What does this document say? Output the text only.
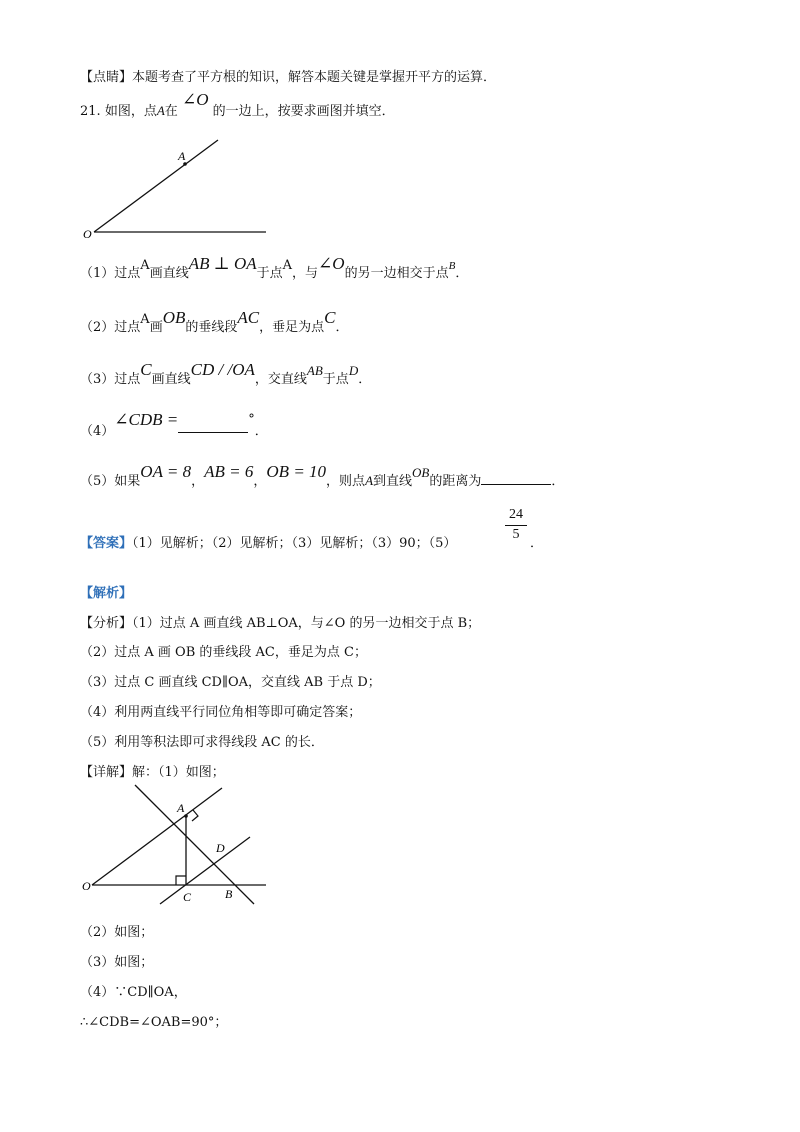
【点睛】本题考查了平方根的知识，解答本题关键是掌握开平方的运算．
21. 如图，点A在 ∠O 的一边上，按要求画图并填空．
A
O
（1）过点A画直线AB ⊥ OA于点A，与∠O的另一边相交于点$^B$．
（2）过点A画OB的垂线段AC，垂足为点C．
（3）过点C画直线CD / /OA，交直线AB于点D．
（4）∠CDB =	°．
（5）如果OA = 8，AB = 6，OB = 10，则点A到直线OB的距离为	．
【答案】（1）见解析；（2）见解析；（3）见解析；（3）90；（5）
24
5
．
【解析】
【分析】（1）过点 A 画直线 AB⊥OA，与∠O 的另一边相交于点 B；
（2）过点 A 画 OB 的垂线段 AC，垂足为点 C；
（3）过点 C 画直线 CD∥OA，交直线 AB 于点 D；
（4）利用两直线平行同位角相等即可确定答案；
（5）利用等积法即可求得线段 AC 的长．
【详解】解：（1）如图；
A
D
O
C	B
（2）如图；
（3）如图；
（4）∵CD∥OA，
∴∠CDB=∠OAB=90°；
